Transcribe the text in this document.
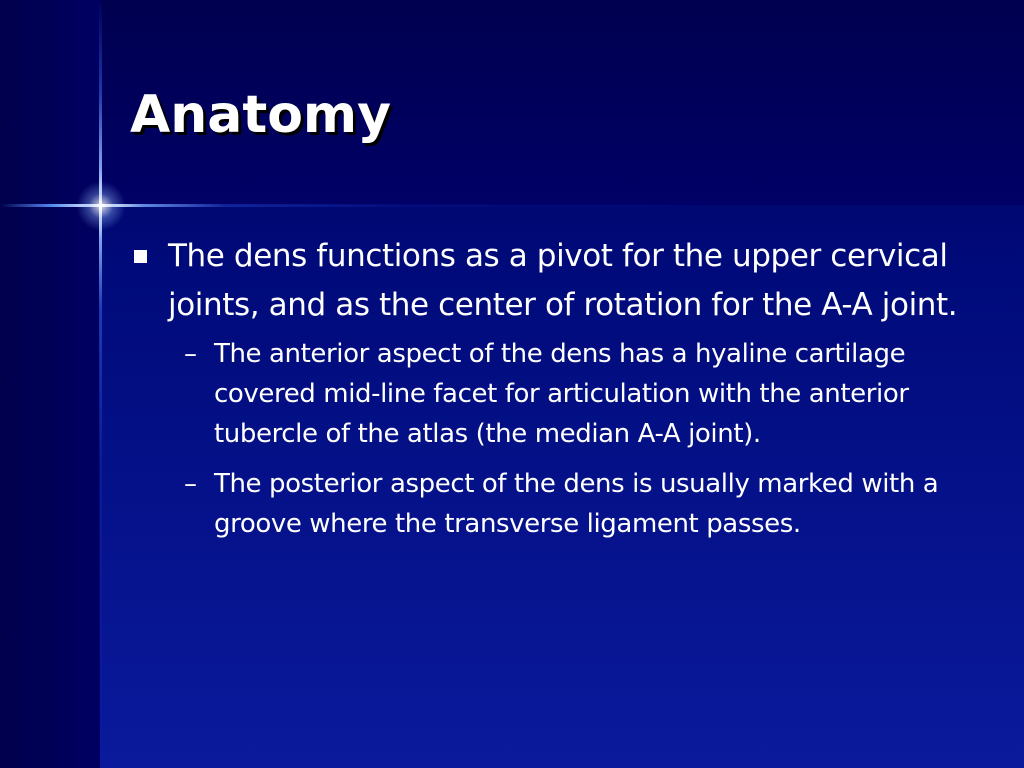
Anatomy
The dens functions as a pivot for the upper cervical joints, and as the center of rotation for the A-A joint.
– The anterior aspect of the dens has a hyaline cartilage covered mid-line facet for articulation with the anterior tubercle of the atlas (the median A-A joint).
– The posterior aspect of the dens is usually marked with a groove where the transverse ligament passes.
